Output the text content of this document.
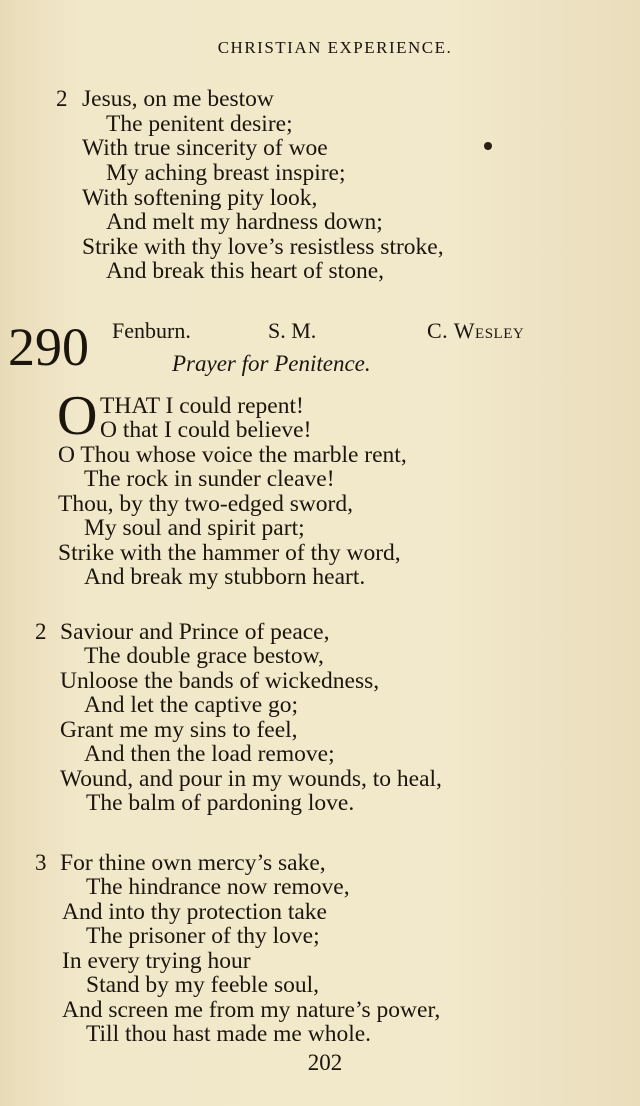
CHRISTIAN EXPERIENCE.
2 Jesus, on me bestow
The penitent desire;
With true sincerity of woe
My aching breast inspire;
With softening pity look,
And melt my hardness down;
Strike with thy love’s resistless stroke,
And break this heart of stone,
290 Fenburn.	S. M.	C. Wesley
Prayer for Penitence.
O THAT I could repent!
O that I could believe!
O Thou whose voice the marble rent,
The rock in sunder cleave!
Thou, by thy two-edged sword,
My soul and spirit part;
Strike with the hammer of thy word,
And break my stubborn heart.
2 Saviour and Prince of peace,
The double grace bestow,
Unloose the bands of wickedness,
And let the captive go;
Grant me my sins to feel,
And then the load remove;
Wound, and pour in my wounds, to heal,
The balm of pardoning love.
3 For thine own mercy’s sake,
The hindrance now remove,
And into thy protection take
The prisoner of thy love;
In every trying hour
Stand by my feeble soul,
And screen me from my nature’s power,
Till thou hast made me whole.
202
